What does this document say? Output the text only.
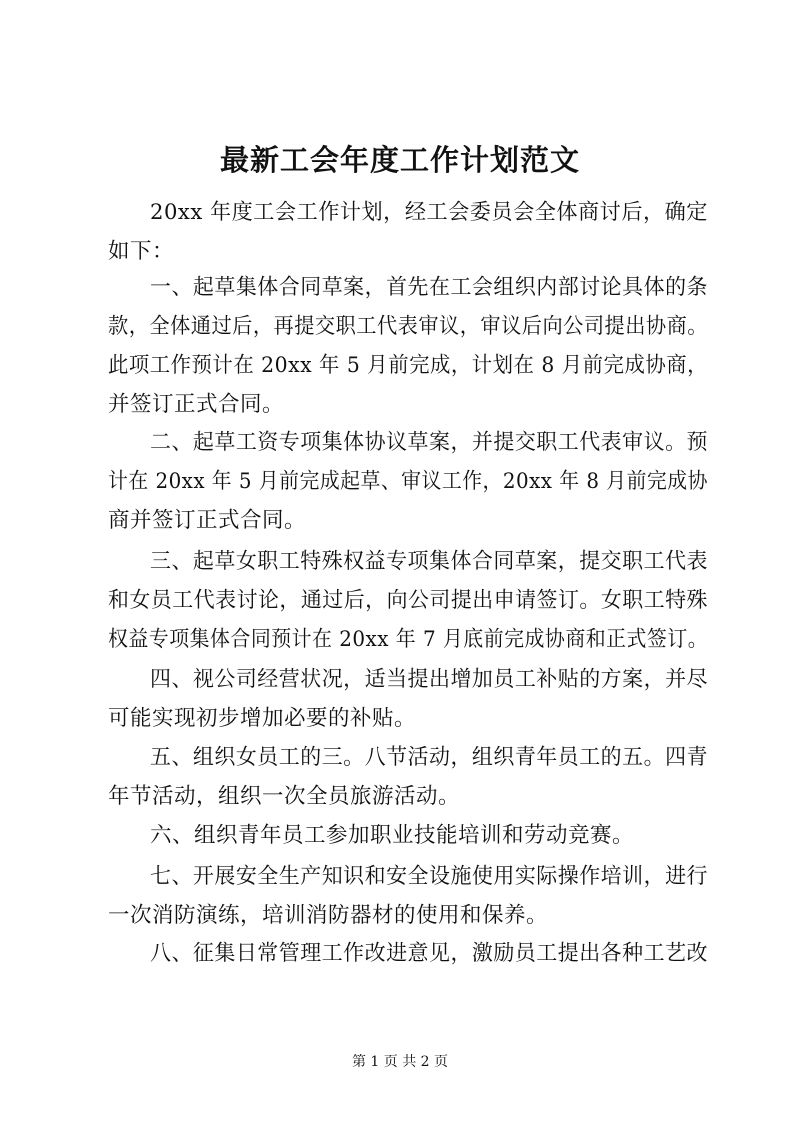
最新工会年度工作计划范文
20xx 年度工会工作计划，经工会委员会全体商讨后，确定
如下：
一、起草集体合同草案，首先在工会组织内部讨论具体的条
款，全体通过后，再提交职工代表审议，审议后向公司提出协商。
此项工作预计在 20xx 年 5 月前完成，计划在 8 月前完成协商，
并签订正式合同。
二、起草工资专项集体协议草案，并提交职工代表审议。预
计在 20xx 年 5 月前完成起草、审议工作，20xx 年 8 月前完成协
商并签订正式合同。
三、起草女职工特殊权益专项集体合同草案，提交职工代表
和女员工代表讨论，通过后，向公司提出申请签订。女职工特殊
权益专项集体合同预计在 20xx 年 7 月底前完成协商和正式签订。
四、视公司经营状况，适当提出增加员工补贴的方案，并尽
可能实现初步增加必要的补贴。
五、组织女员工的三。八节活动，组织青年员工的五。四青
年节活动，组织一次全员旅游活动。
六、组织青年员工参加职业技能培训和劳动竞赛。
七、开展安全生产知识和安全设施使用实际操作培训，进行
一次消防演练，培训消防器材的使用和保养。
八、征集日常管理工作改进意见，激励员工提出各种工艺改
第 1 页 共 2 页
